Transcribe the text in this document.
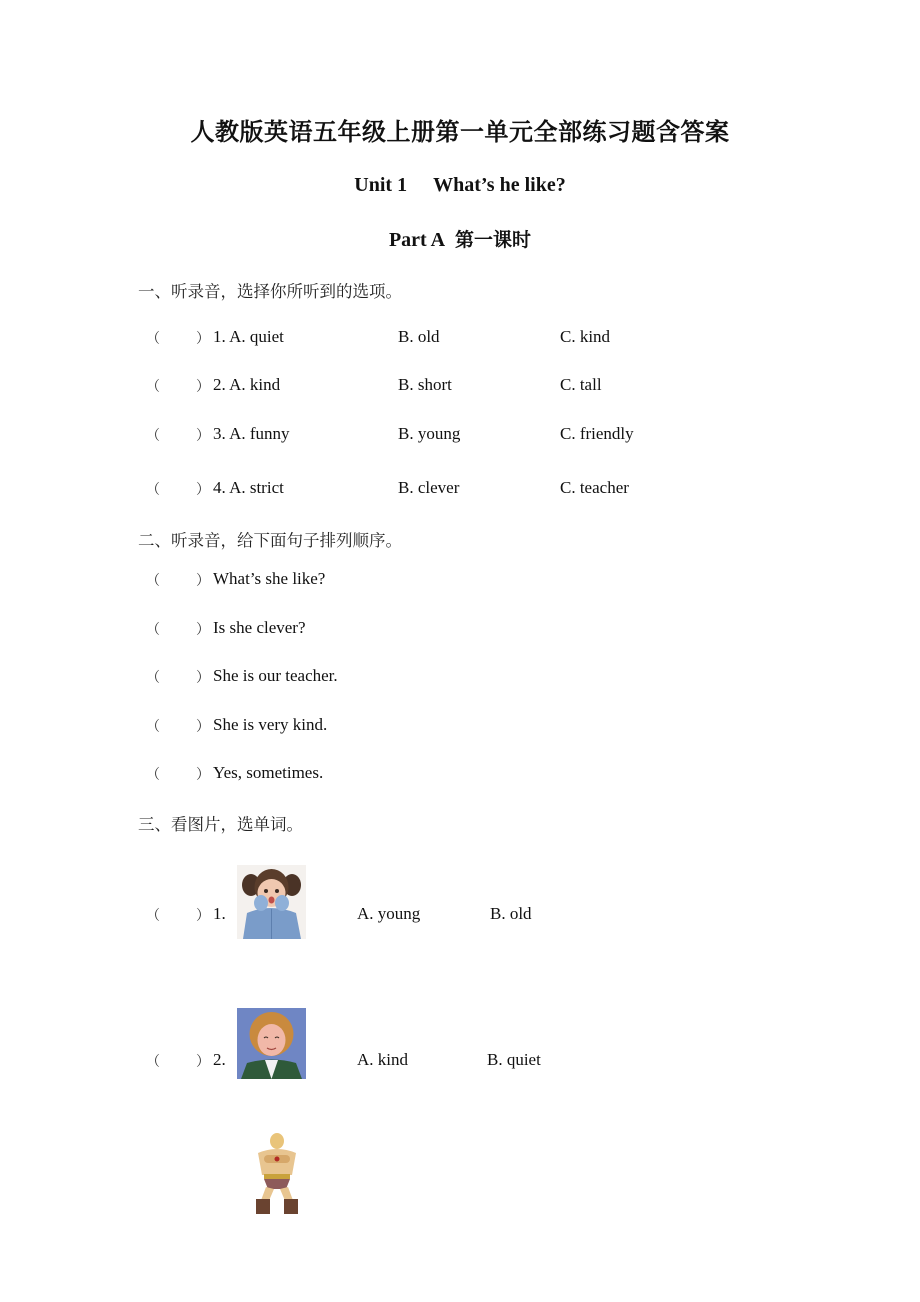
人教版英语五年级上册第一单元全部练习题含答案
Unit 1 What’s he like?
Part A 第一课时
一、听录音，选择你所听到的选项。
（	） 1. A. quiet	B. old	C. kind
（	） 2. A. kind	B. short	C. tall
（	） 3. A. funny	B. young	C. friendly
（	） 4. A. strict	B. clever	C. teacher
二、听录音，给下面句子排列顺序。
（	） What’s she like?
（	） Is she clever?
（	） She is our teacher.
（	） She is very kind.
（	） Yes, sometimes.
三、看图片，选单词。
（	） 1.	A. young	B. old
（	） 2.	A. kind	B. quiet
